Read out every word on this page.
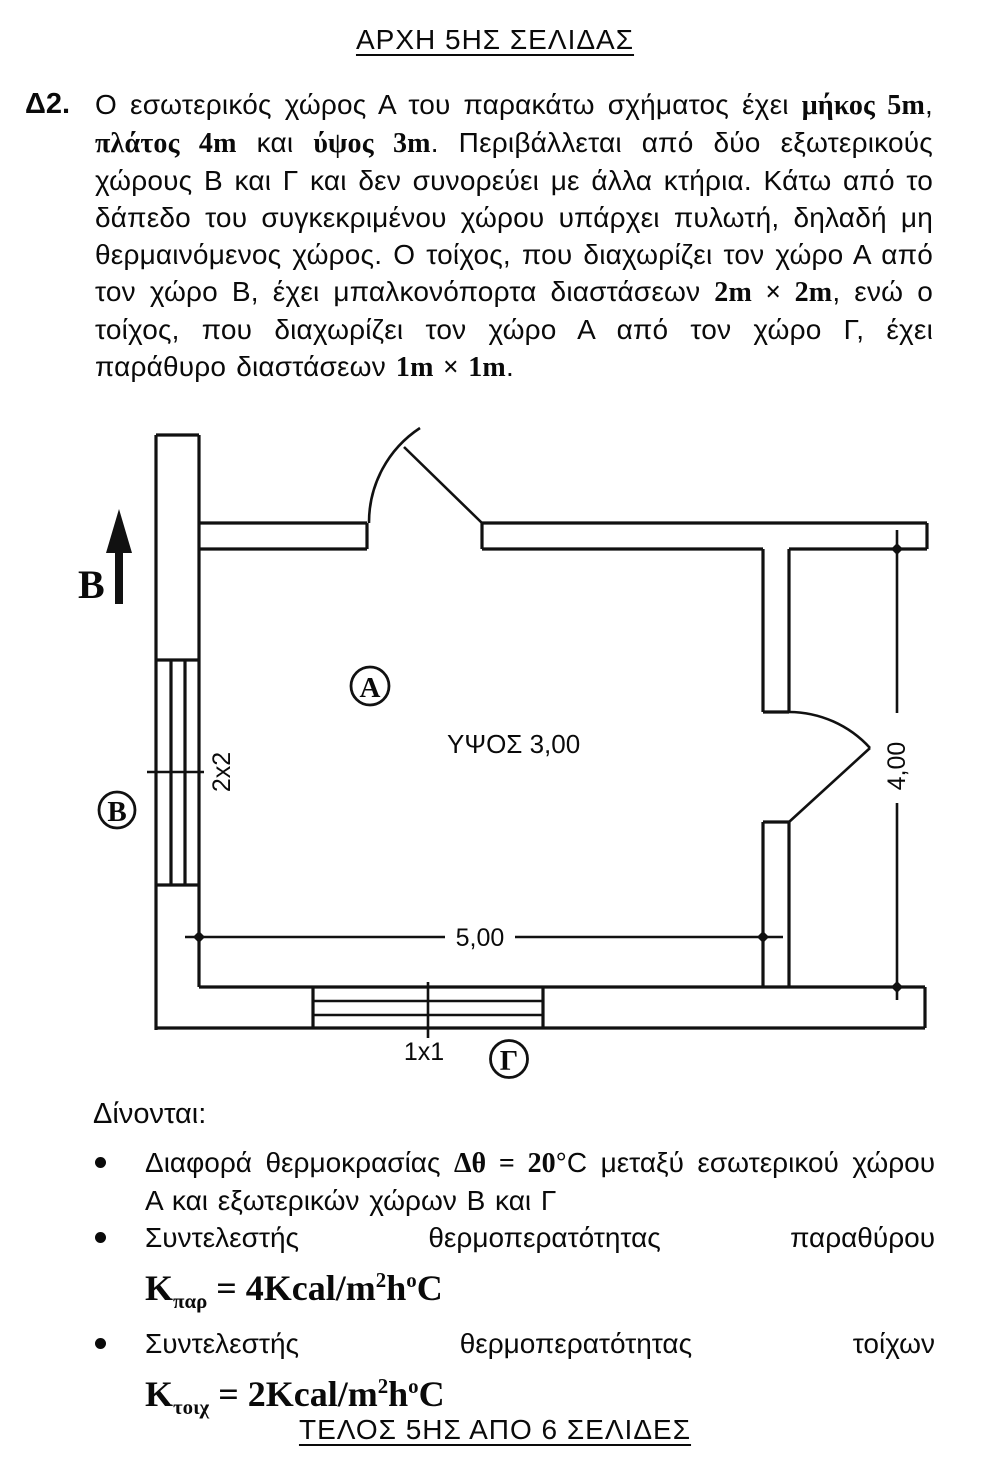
ΑΡΧΗ 5ΗΣ ΣΕΛΙΔΑΣ
Δ2. Ο εσωτερικός χώρος Α του παρακάτω σχήματος έχει μήκος 5m, πλάτος 4m και ύψος 3m. Περιβάλλεται από δύο εξωτερικούς χώρους Β και Γ και δεν συνορεύει με άλλα κτήρια. Κάτω από το δάπεδο του συγκεκριμένου χώρου υπάρχει πυλωτή, δηλαδή μη θερμαινόμενος χώρος. Ο τοίχος, που διαχωρίζει τον χώρο Α από τον χώρο Β, έχει μπαλκονόπορτα διαστάσεων 2m × 2m, ενώ ο τοίχος, που διαχωρίζει τον χώρο Α από τον χώρο Γ, έχει παράθυρο διαστάσεων 1m × 1m.
5,00
4,00
2x2
1x1
ΥΨΟΣ 3,00
A
B
Γ
B
Δίνονται:
Διαφορά θερμοκρασίας Δθ = 20°C μεταξύ εσωτερικού χώρου Α και εξωτερικών χώρων Β και Γ
Συντελεστής	θερμοπερατότητας	παραθύρου
$K_{\pi\alpha\rho}$ = $4Kcal/m^2h^oC$
Συντελεστής	θερμοπερατότητας	τοίχων
$K_{\tau o\iota\chi}$ = $2Kcal/m^2h^oC$
ΤΕΛΟΣ 5ΗΣ ΑΠΟ 6 ΣΕΛΙΔΕΣ
